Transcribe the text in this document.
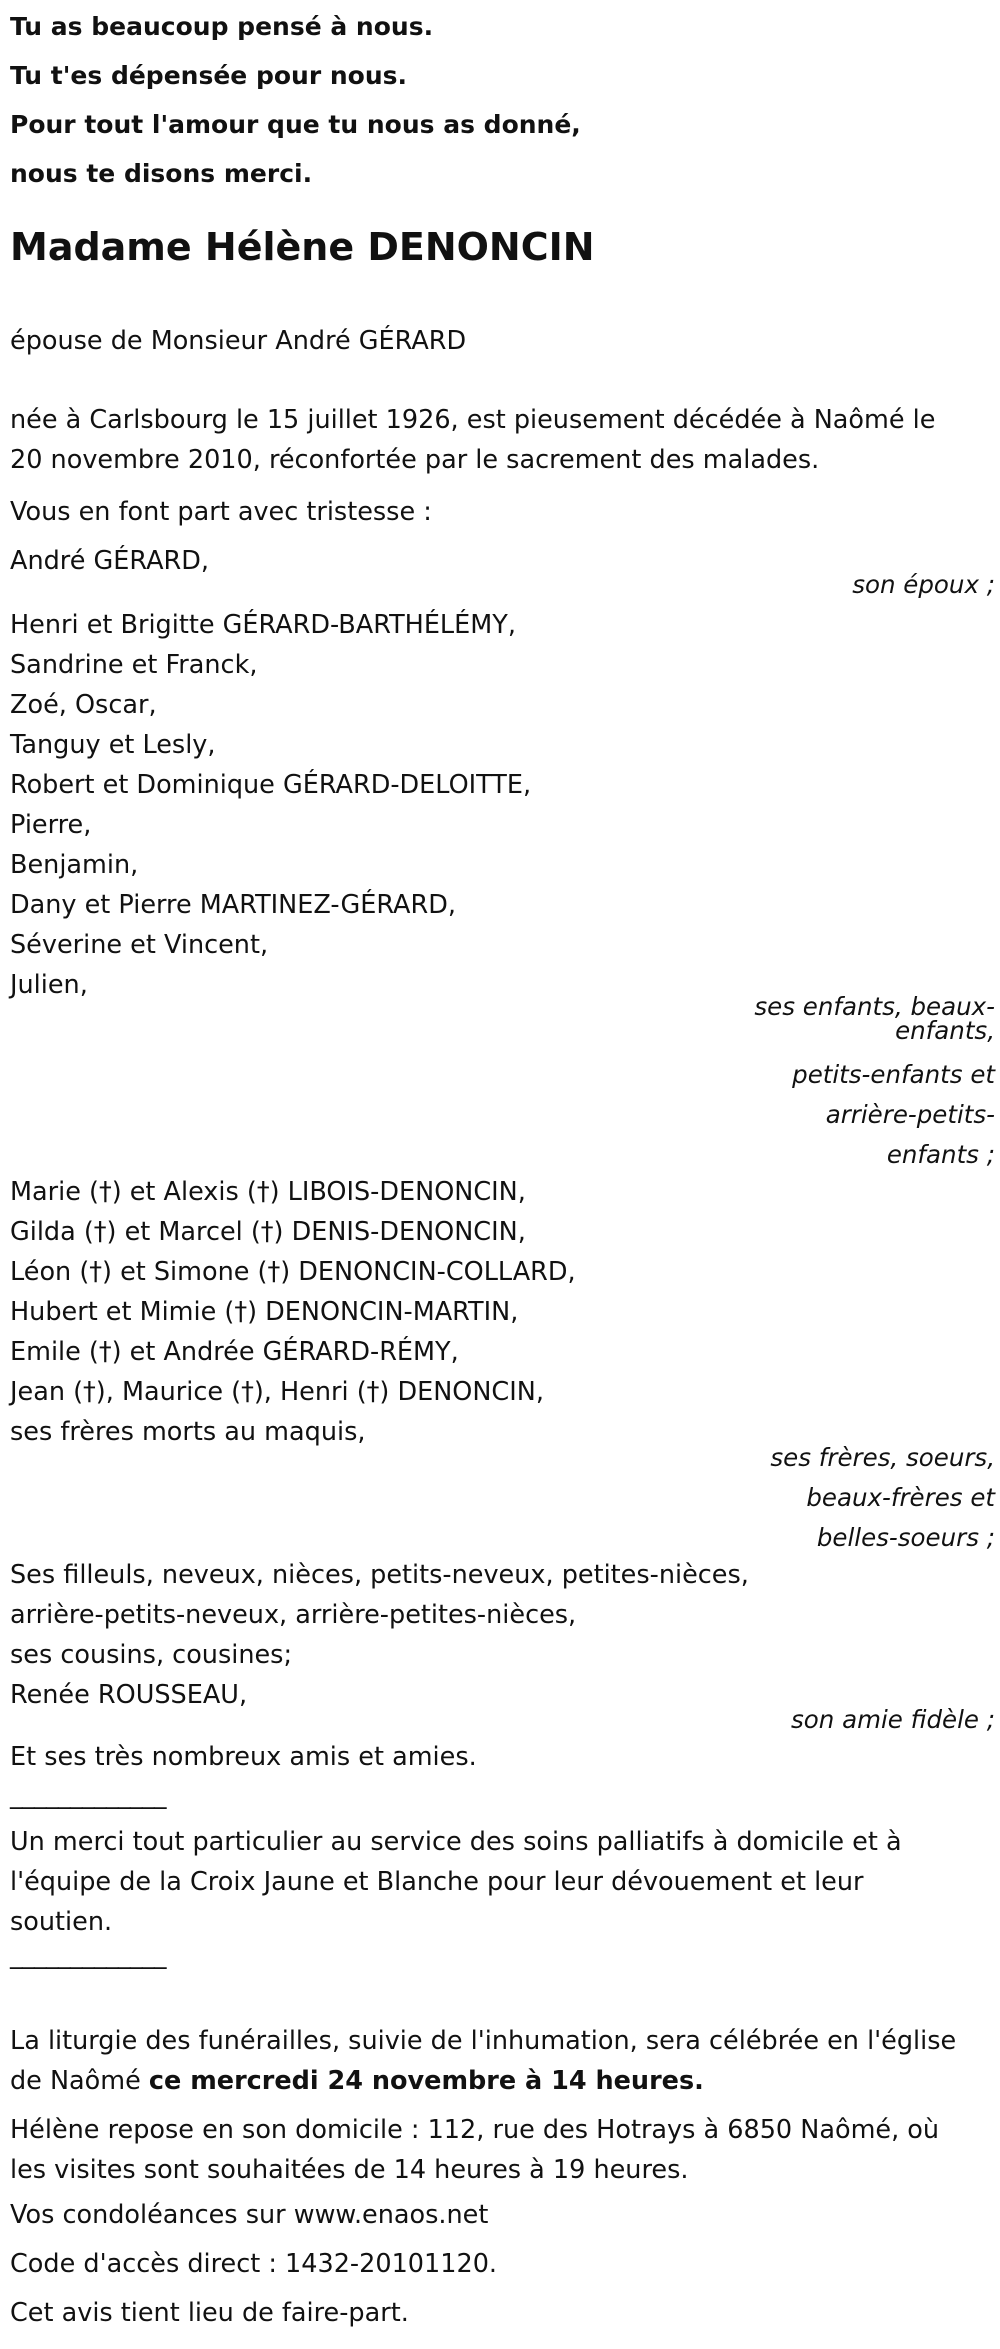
Tu as beaucoup pensé à nous.
Tu t'es dépensée pour nous.
Pour tout l'amour que tu nous as donné,
nous te disons merci.
Madame Hélène DENONCIN
épouse de Monsieur André GÉRARD
née à Carlsbourg le 15 juillet 1926, est pieusement décédée à Naômé le
20 novembre 2010, réconfortée par le sacrement des malades.
Vous en font part avec tristesse :
André GÉRARD,
son époux ;
Henri et Brigitte GÉRARD-BARTHÉLÉMY,
Sandrine et Franck,
Zoé, Oscar,
Tanguy et Lesly,
Robert et Dominique GÉRARD-DELOITTE,
Pierre,
Benjamin,
Dany et Pierre MARTINEZ-GÉRARD,
Séverine et Vincent,
Julien,
ses enfants, beaux-
enfants,
petits-enfants et
arrière-petits-
enfants ;
Marie (†) et Alexis (†) LIBOIS-DENONCIN,
Gilda (†) et Marcel (†) DENIS-DENONCIN,
Léon (†) et Simone (†) DENONCIN-COLLARD,
Hubert et Mimie (†) DENONCIN-MARTIN,
Emile (†) et Andrée GÉRARD-RÉMY,
Jean (†), Maurice (†), Henri (†) DENONCIN,
ses frères morts au maquis,
ses frères, soeurs,
beaux-frères et
belles-soeurs ;
Ses filleuls, neveux, nièces, petits-neveux, petites-nièces,
arrière-petits-neveux, arrière-petites-nièces,
ses cousins, cousines;
Renée ROUSSEAU,
son amie fidèle ;
Et ses très nombreux amis et amies.
_____________
Un merci tout particulier au service des soins palliatifs à domicile et à
l'équipe de la Croix Jaune et Blanche pour leur dévouement et leur
soutien.
_____________
La liturgie des funérailles, suivie de l'inhumation, sera célébrée en l'église
de Naômé ce mercredi 24 novembre à 14 heures.
Hélène repose en son domicile : 112, rue des Hotrays à 6850 Naômé, où
les visites sont souhaitées de 14 heures à 19 heures.
Vos condoléances sur www.enaos.net
Code d'accès direct : 1432-20101120.
Cet avis tient lieu de faire-part.
